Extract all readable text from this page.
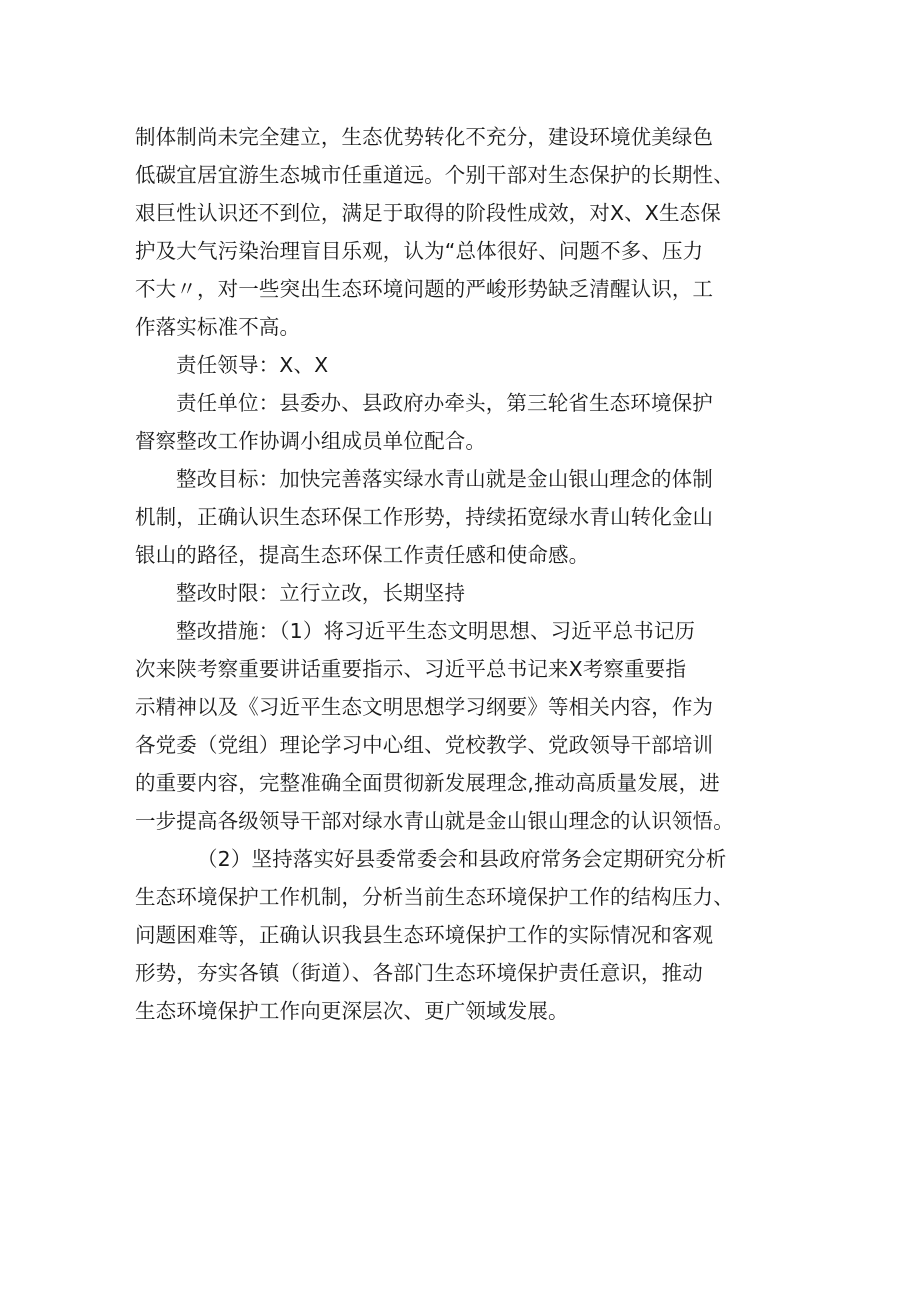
制体制尚未完全建立，生态优势转化不充分，建设环境优美绿色
低碳宜居宜游生态城市任重道远。个别干部对生态保护的长期性、
艰巨性认识还不到位，满足于取得的阶段性成效，对X、X生态保
护及大气污染治理盲目乐观，认为“总体很好、问题不多、压力
不大〃，对一些突出生态环境问题的严峻形势缺乏清醒认识，工
作落实标准不高。
责任领导：X、X
责任单位：县委办、县政府办牵头，第三轮省生态环境保护
督察整改工作协调小组成员单位配合。
整改目标：加快完善落实绿水青山就是金山银山理念的体制
机制，正确认识生态环保工作形势，持续拓宽绿水青山转化金山
银山的路径，提高生态环保工作责任感和使命感。
整改时限：立行立改，长期坚持
整改措施：（1）将习近平生态文明思想、习近平总书记历
次来陕考察重要讲话重要指示、习近平总书记来X考察重要指
示精神以及《习近平生态文明思想学习纲要》等相关内容，作为
各党委（党组）理论学习中心组、党校教学、党政领导干部培训
的重要内容，完整准确全面贯彻新发展理念,推动高质量发展，进
一步提高各级领导干部对绿水青山就是金山银山理念的认识领悟。
（2）坚持落实好县委常委会和县政府常务会定期研究分析
生态环境保护工作机制，分析当前生态环境保护工作的结构压力、
问题困难等，正确认识我县生态环境保护工作的实际情况和客观
形势，夯实各镇（街道）、各部门生态环境保护责任意识，推动
生态环境保护工作向更深层次、更广领域发展。
